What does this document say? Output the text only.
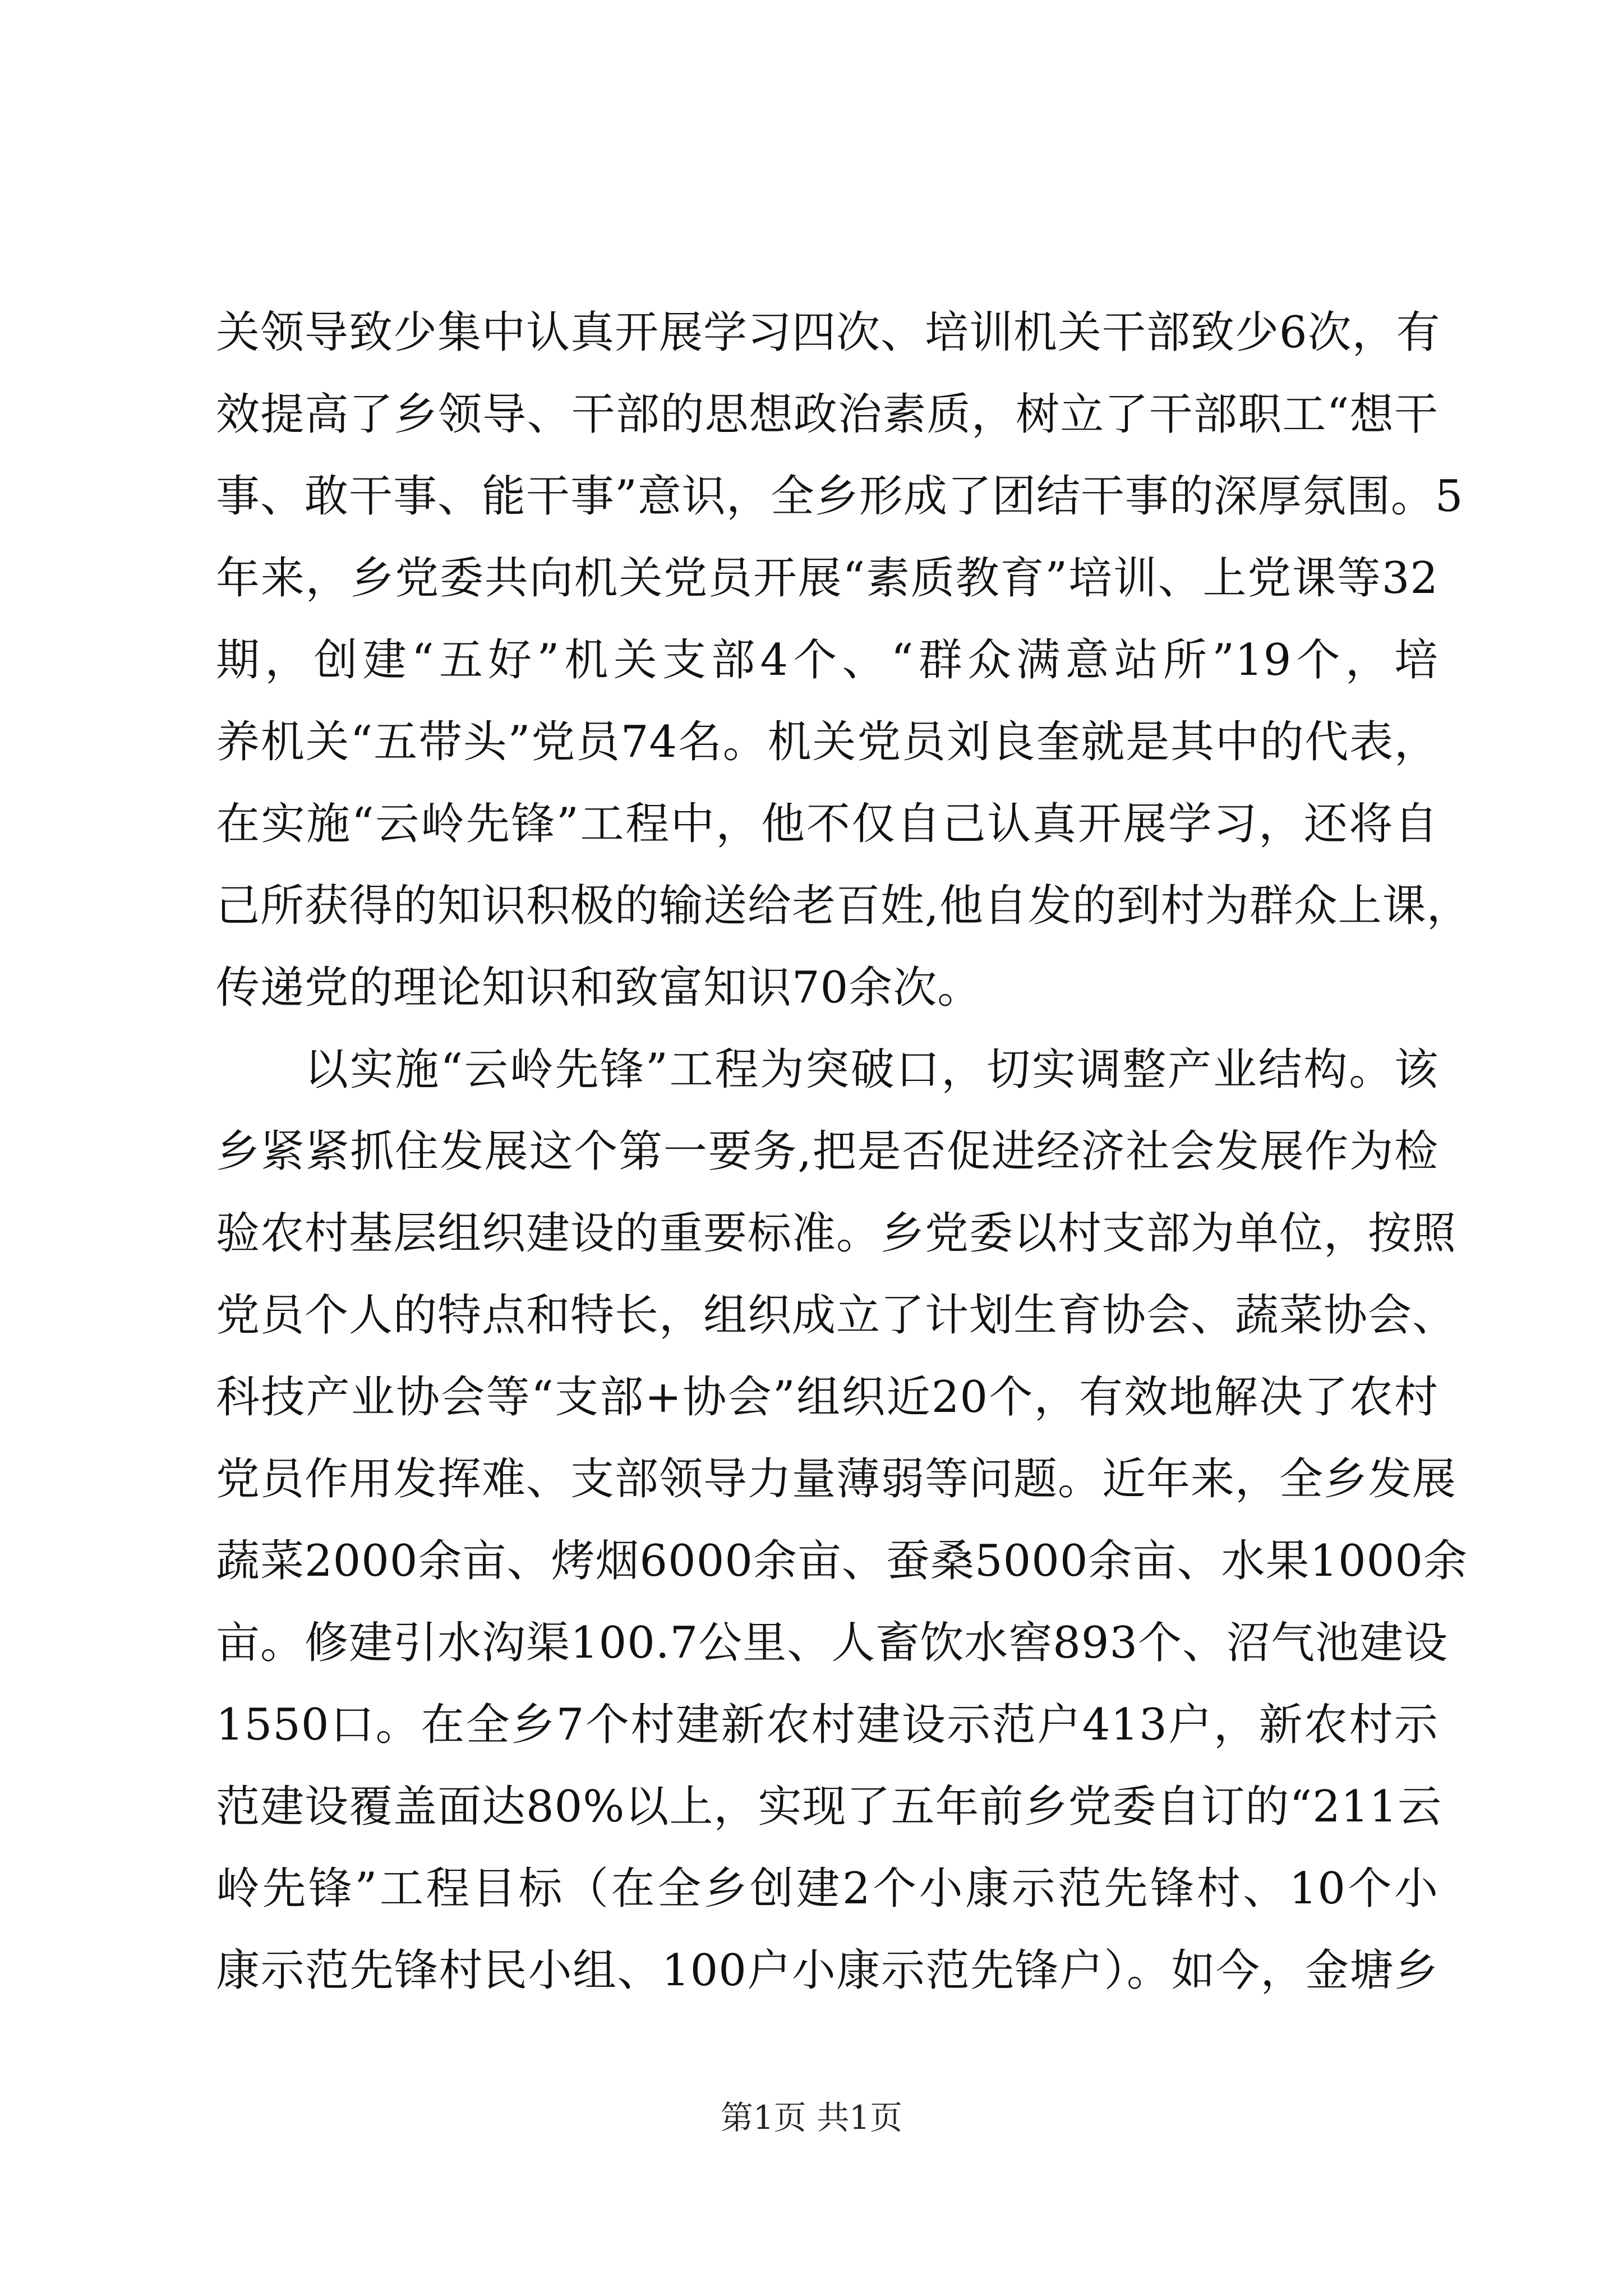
关领导致少集中认真开展学习四次、培训机关干部致少6次，有
效提高了乡领导、干部的思想政治素质，树立了干部职工“想干
事、敢干事、能干事”意识，全乡形成了团结干事的深厚氛围。5
年来，乡党委共向机关党员开展“素质教育”培训、上党课等32
期，创建“五好”机关支部4个、“群众满意站所”19个，培
养机关“五带头”党员74名。机关党员刘良奎就是其中的代表，
在实施“云岭先锋”工程中，他不仅自己认真开展学习，还将自
己所获得的知识积极的输送给老百姓,他自发的到村为群众上课，
传递党的理论知识和致富知识70余次。
以实施“云岭先锋”工程为突破口，切实调整产业结构。该
乡紧紧抓住发展这个第一要务,把是否促进经济社会发展作为检
验农村基层组织建设的重要标准。乡党委以村支部为单位，按照
党员个人的特点和特长，组织成立了计划生育协会、蔬菜协会、
科技产业协会等“支部+协会”组织近20个，有效地解决了农村
党员作用发挥难、支部领导力量薄弱等问题。近年来，全乡发展
蔬菜2000余亩、烤烟6000余亩、蚕桑5000余亩、水果1000余
亩。修建引水沟渠100.7公里、人畜饮水窖893个、沼气池建设
1550口。在全乡7个村建新农村建设示范户413户，新农村示
范建设覆盖面达80%以上，实现了五年前乡党委自订的“211云
岭先锋”工程目标（在全乡创建2个小康示范先锋村、10个小
康示范先锋村民小组、100户小康示范先锋户）。如今，金塘乡
第1页 共1页
